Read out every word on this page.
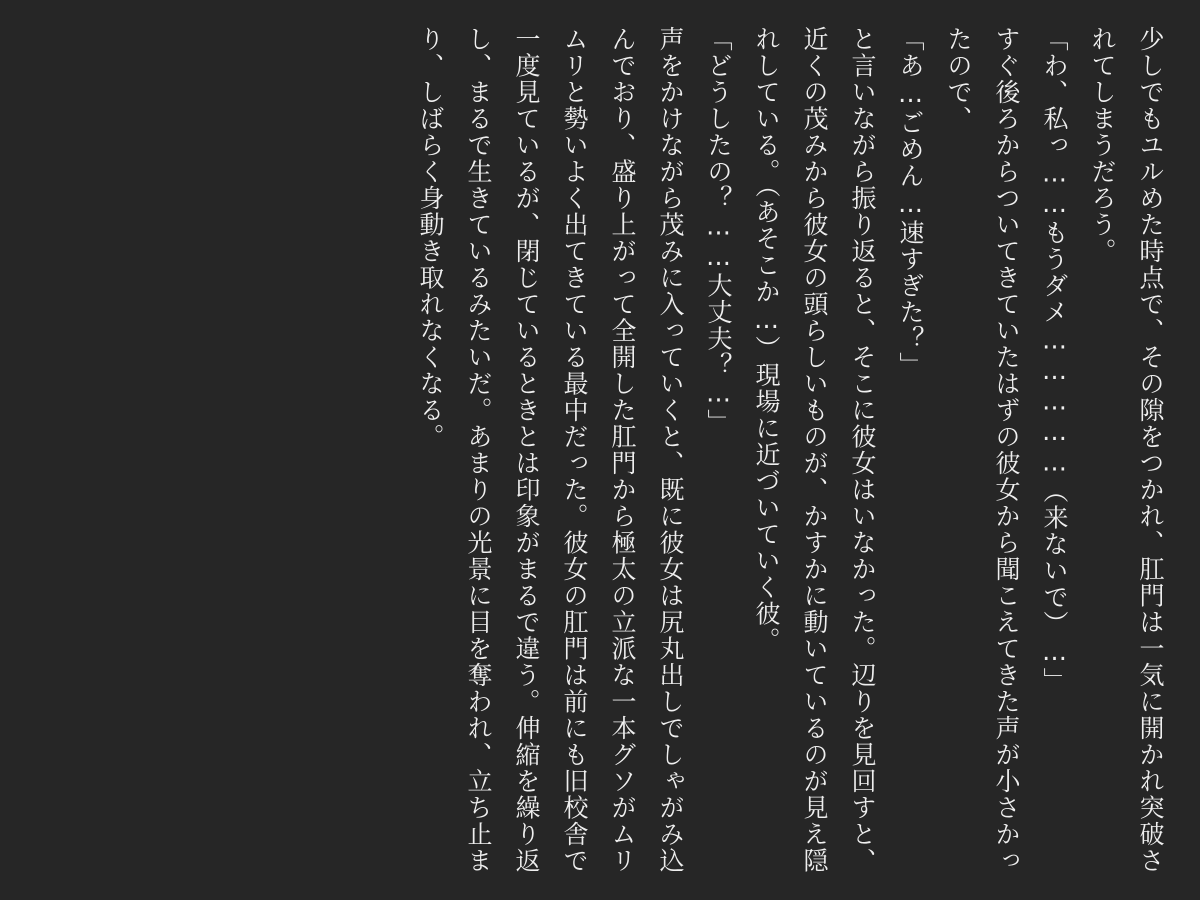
少しでもユルめた時点で、その隙をつかれ、肛門は一気に開かれ突破されてしまうだろう。

「わ、私っ……もうダメ……………（来ないで）…」

すぐ後ろからついてきていたはずの彼女から聞こえてきた声が小さかったので、

「あ…ごめん…速すぎた？」

と言いながら振り返ると、そこに彼女はいなかった。辺りを見回すと、近くの茂みから彼女の頭らしいものが、かすかに動いているのが見え隠れしている。（あそこか…）現場に近づいていく彼。

「どうしたの？……大丈夫？…」

声をかけながら茂みに入っていくと、既に彼女は尻丸出しでしゃがみ込んでおり、盛り上がって全開した肛門から極太の立派な一本グソがムリムリと勢いよく出てきている最中だった。彼女の肛門は前にも旧校舎で一度見ているが、閉じているときとは印象がまるで違う。伸縮を繰り返し、まるで生きているみたいだ。あまりの光景に目を奪われ、立ち止まり、しばらく身動き取れなくなる。
